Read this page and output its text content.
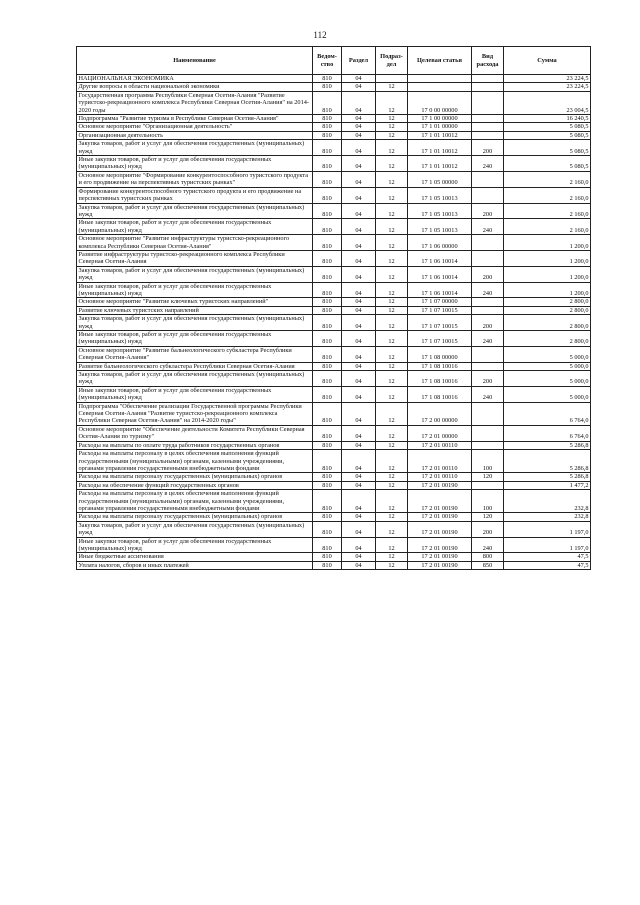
112
Наименование	Ведом-ство	Раздел	Подраз-дел	Целевая статья	Вид расхода	Сумма
НАЦИОНАЛЬНАЯ ЭКОНОМИКА	810	04				23 224,5
Другие вопросы в области национальной экономики	810	04	12			23 224,5
Государственная программа Республики Северная Осетия-Алания "Развитие туристско-рекреационного комплекса Республики Северная Осетия-Алания" на 2014-2020 годы	810	04	12	17 0 00 00000		23 004,5
Подпрограмма "Развитие туризма в Республике Северная Осетия-Алания"	810	04	12	17 1 00 00000		16 240,5
Основное мероприятие "Организационная деятельность"	810	04	12	17 1 01 00000		5 080,5
Организационная деятельность	810	04	12	17 1 01 10012		5 080,5
Закупка товаров, работ и услуг для обеспечения государственных (муниципальных) нужд	810	04	12	17 1 01 10012	200	5 080,5
Иные закупки товаров, работ и услуг для обеспечения государственных (муниципальных) нужд	810	04	12	17 1 01 10012	240	5 080,5
Основное мероприятие "Формирование конкурентоспособного туристского продукта и его продвижение на перспективных туристских рынках"	810	04	12	17 1 05 00000		2 160,0
Формирование конкурентоспособного туристского продукта и его продвижение на перспективных туристских рынках	810	04	12	17 1 05 10013		2 160,0
Закупка товаров, работ и услуг для обеспечения государственных (муниципальных) нужд	810	04	12	17 1 05 10013	200	2 160,0
Иные закупки товаров, работ и услуг для обеспечения государственных (муниципальных) нужд	810	04	12	17 1 05 10013	240	2 160,0
Основное мероприятие "Развитие инфраструктуры туристско-рекреационного комплекса Республики Северная Осетия-Алания"	810	04	12	17 1 06 00000		1 200,0
Развитие инфраструктуры туристско-рекреационного комплекса Республики Северная Осетия-Алания	810	04	12	17 1 06 10014		1 200,0
Закупка товаров, работ и услуг для обеспечения государственных (муниципальных) нужд	810	04	12	17 1 06 10014	200	1 200,0
Иные закупки товаров, работ и услуг для обеспечения государственных (муниципальных) нужд	810	04	12	17 1 06 10014	240	1 200,0
Основное мероприятие "Развитие ключевых туристских направлений"	810	04	12	17 1 07 00000		2 800,0
Развитие ключевых туристских направлений	810	04	12	17 1 07 10015		2 800,0
Закупка товаров, работ и услуг для обеспечения государственных (муниципальных) нужд	810	04	12	17 1 07 10015	200	2 800,0
Иные закупки товаров, работ и услуг для обеспечения государственных (муниципальных) нужд	810	04	12	17 1 07 10015	240	2 800,0
Основное мероприятие "Развитие бальнеологического субкластера Республики Северная Осетия-Алания"	810	04	12	17 1 08 00000		5 000,0
Развитие бальнеологического субкластера Республики Северная Осетия-Алания	810	04	12	17 1 08 10016		5 000,0
Закупка товаров, работ и услуг для обеспечения государственных (муниципальных) нужд	810	04	12	17 1 08 10016	200	5 000,0
Иные закупки товаров, работ и услуг для обеспечения государственных (муниципальных) нужд	810	04	12	17 1 08 10016	240	5 000,0
Подпрограмма "Обеспечение реализации Государственной программы Республики Северная Осетия-Алания "Развитие туристско-рекреационного комплекса Республики Северная Осетия-Алания" на 2014-2020 годы"	810	04	12	17 2 00 00000		6 764,0
Основное мероприятие "Обеспечение деятельности Комитета Республики Северная Осетия-Алания по туризму"	810	04	12	17 2 01 00000		6 764,0
Расходы на выплаты по оплате труда работников государственных органов	810	04	12	17 2 01 00110		5 286,8
Расходы на выплаты персоналу в целях обеспечения выполнения функций государственными (муниципальными) органами, казенными учреждениями, органами управления государственными внебюджетными фондами	810	04	12	17 2 01 00110	100	5 286,8
Расходы на выплаты персоналу государственных (муниципальных) органов	810	04	12	17 2 01 00110	120	5 286,8
Расходы на обеспечение функций государственных органов	810	04	12	17 2 01 00190		1 477,2
Расходы на выплаты персоналу в целях обеспечения выполнения функций государственными (муниципальными) органами, казенными учреждениями, органами управления государственными внебюджетными фондами	810	04	12	17 2 01 00190	100	232,8
Расходы на выплаты персоналу государственных (муниципальных) органов	810	04	12	17 2 01 00190	120	232,8
Закупка товаров, работ и услуг для обеспечения государственных (муниципальных) нужд	810	04	12	17 2 01 00190	200	1 197,0
Иные закупки товаров, работ и услуг для обеспечения государственных (муниципальных) нужд	810	04	12	17 2 01 00190	240	1 197,0
Иные бюджетные ассигнования	810	04	12	17 2 01 00190	800	47,5
Уплата налогов, сборов и иных платежей	810	04	12	17 2 01 00190	850	47,5
